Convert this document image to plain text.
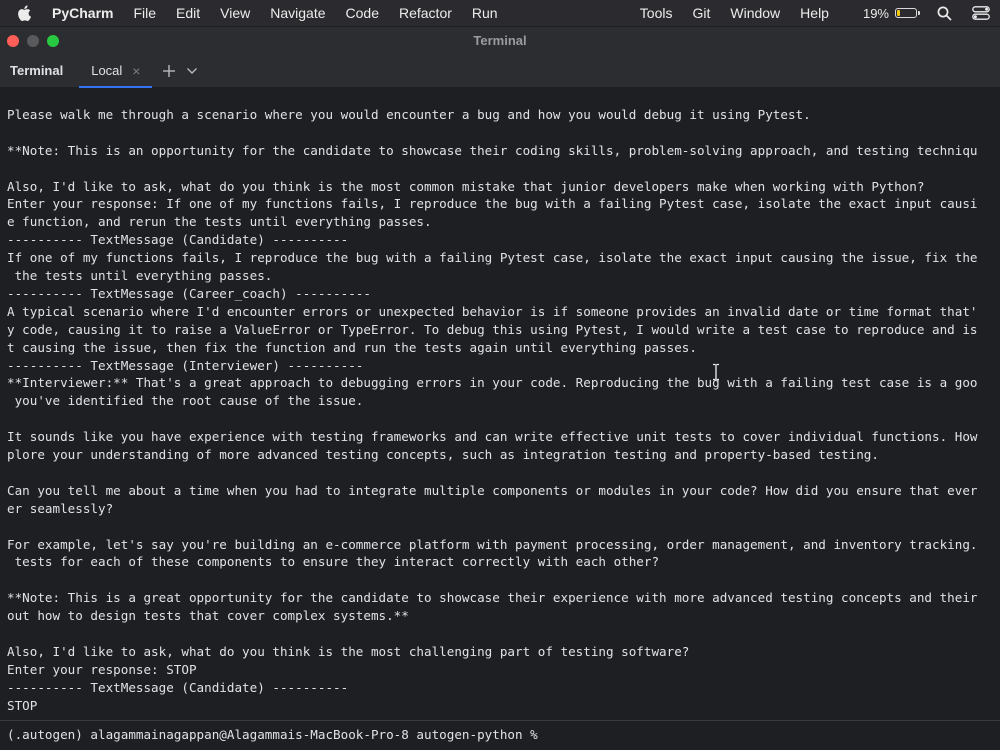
PyCharm	File	Edit	View	Navigate	Code	Refactor	Run	Tools	Git	Window	Help	19%
Terminal
Terminal	Local ×
Please walk me through a scenario where you would encounter a bug and how you would debug it using Pytest.
**Note: This is an opportunity for the candidate to showcase their coding skills, problem-solving approach, and testing techniqu
Also, I'd like to ask, what do you think is the most common mistake that junior developers make when working with Python?
Enter your response: If one of my functions fails, I reproduce the bug with a failing Pytest case, isolate the exact input causi
e function, and rerun the tests until everything passes.
---------- TextMessage (Candidate) ----------
If one of my functions fails, I reproduce the bug with a failing Pytest case, isolate the exact input causing the issue, fix the
the tests until everything passes.
---------- TextMessage (Career_coach) ----------
A typical scenario where I'd encounter errors or unexpected behavior is if someone provides an invalid date or time format that'
y code, causing it to raise a ValueError or TypeError. To debug this using Pytest, I would write a test case to reproduce and is
t causing the issue, then fix the function and run the tests again until everything passes.
---------- TextMessage (Interviewer) ----------
**Interviewer:** That's a great approach to debugging errors in your code. Reproducing the bug with a failing test case is a goo
you've identified the root cause of the issue.
It sounds like you have experience with testing frameworks and can write effective unit tests to cover individual functions. How
plore your understanding of more advanced testing concepts, such as integration testing and property-based testing.
Can you tell me about a time when you had to integrate multiple components or modules in your code? How did you ensure that ever
er seamlessly?
For example, let's say you're building an e-commerce platform with payment processing, order management, and inventory tracking.
tests for each of these components to ensure they interact correctly with each other?
**Note: This is a great opportunity for the candidate to showcase their experience with more advanced testing concepts and their
out how to design tests that cover complex systems.**
Also, I'd like to ask, what do you think is the most challenging part of testing software?
Enter your response: STOP
---------- TextMessage (Candidate) ----------
STOP
(.autogen) alagammainagappan@Alagammais-MacBook-Pro-8 autogen-python %
